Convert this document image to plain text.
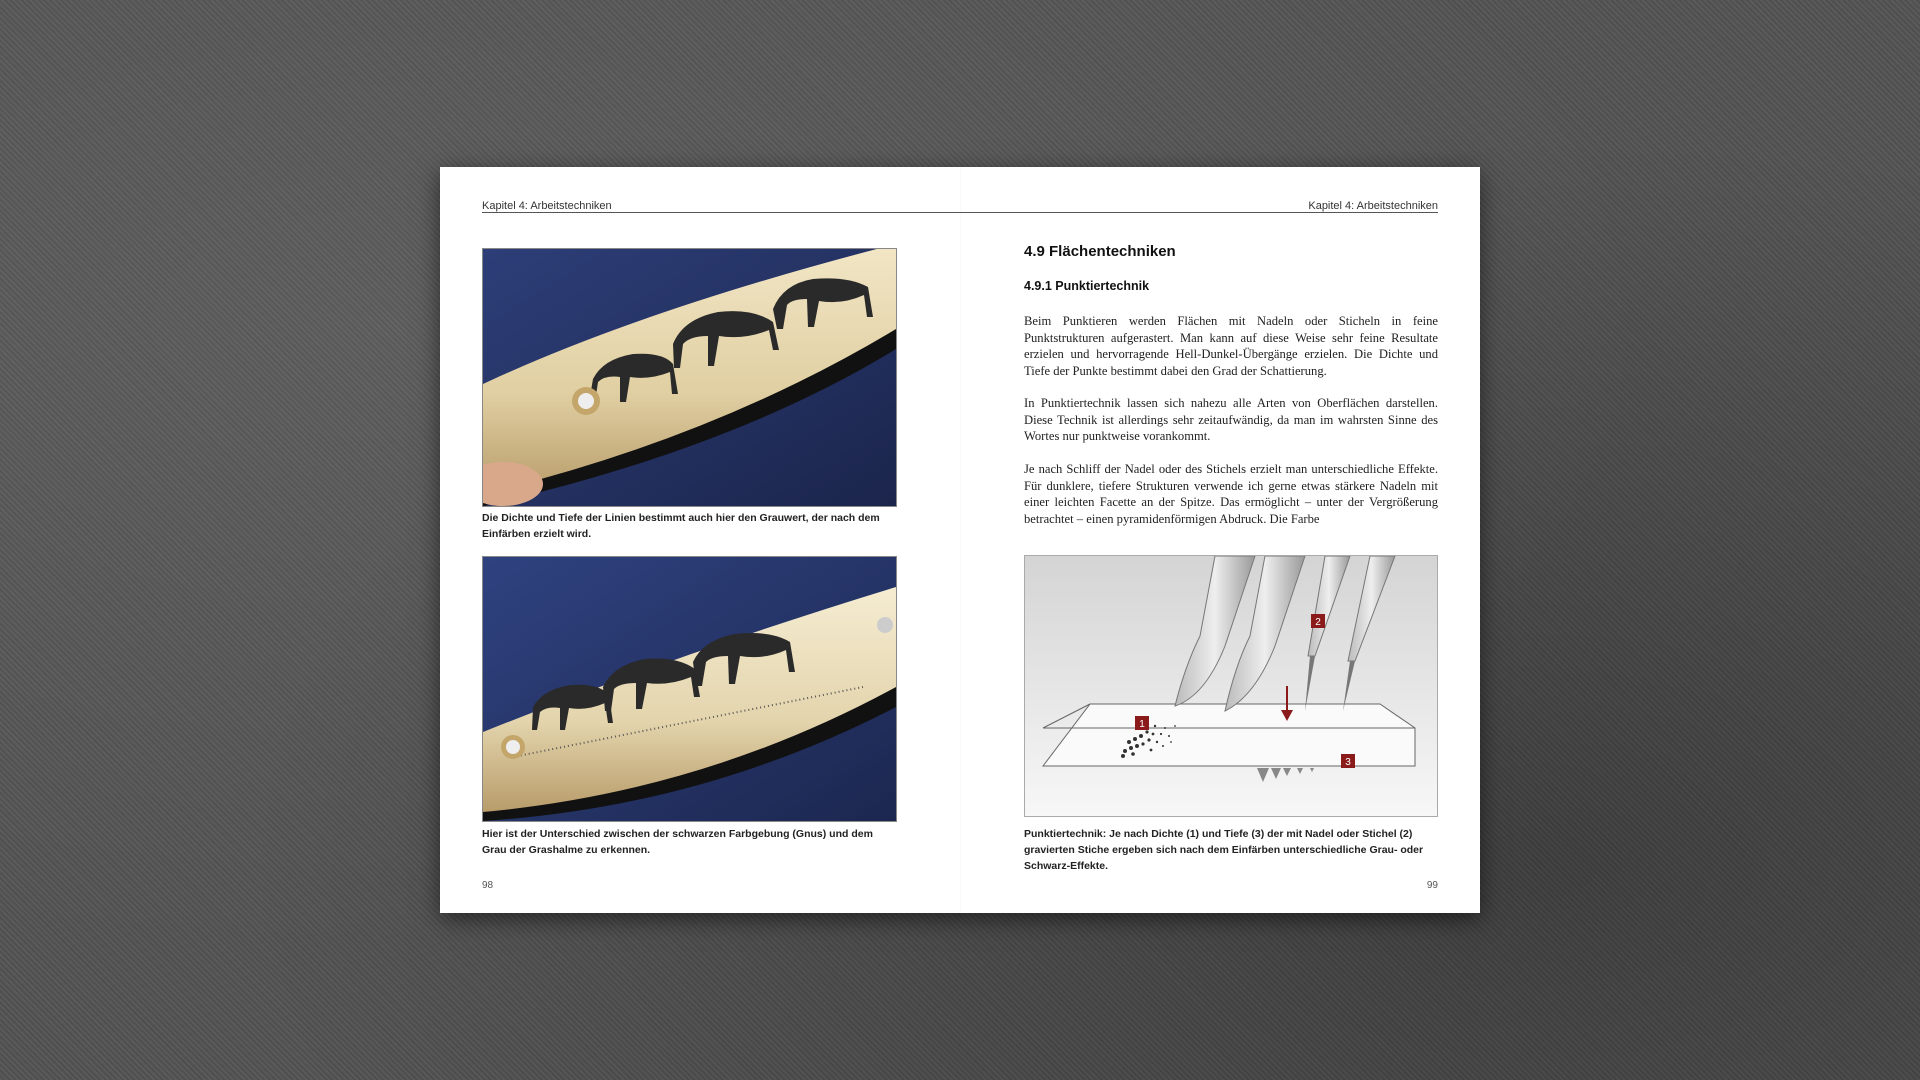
Kapitel 4: Arbeitstechniken	Kapitel 4: Arbeitstechniken
Die Dichte und Tiefe der Linien bestimmt auch hier den Grauwert, der nach dem Einfärben erzielt wird.
Hier ist der Unterschied zwischen der schwarzen Farbgebung (Gnus) und dem Grau der Grashalme zu erkennen.
98
4.9 Flächentechniken
4.9.1 Punktiertechnik

Beim Punktieren werden Flächen mit Nadeln oder Sticheln in feine Punktstrukturen aufgerastert. Man kann auf diese Weise sehr feine Resultate erzielen und hervorragende Hell-Dunkel-Übergänge erzielen. Die Dichte und Tiefe der Punkte bestimmt dabei den Grad der Schattierung.

In Punktiertechnik lassen sich nahezu alle Arten von Oberflächen darstellen. Diese Technik ist allerdings sehr zeitaufwändig, da man im wahrsten Sinne des Wortes nur punktweise vorankommt.

Je nach Schliff der Nadel oder des Stichels erzielt man unterschiedliche Effekte. Für dunklere, tiefere Strukturen verwende ich gerne etwas stärkere Nadeln mit einer leichten Facette an der Spitze. Das ermöglicht – unter der Vergrößerung betrachtet – einen pyramidenförmigen Abdruck. Die Farbe

1
2
3
Punktiertechnik: Je nach Dichte (1) und Tiefe (3) der mit Nadel oder Stichel (2) gravierten Stiche ergeben sich nach dem Einfärben unterschiedliche Grau- oder Schwarz-Effekte.
99
